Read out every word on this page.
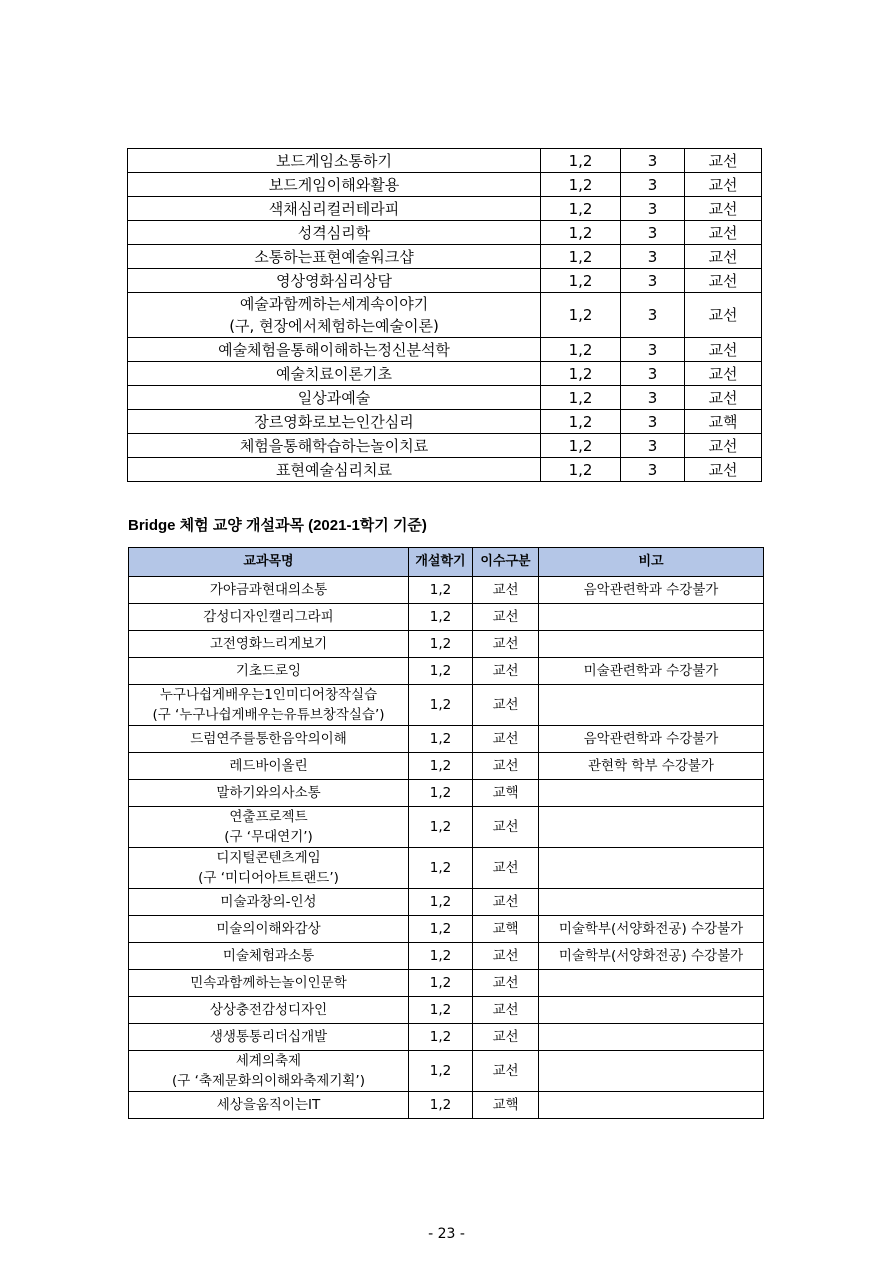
보드게임소통하기	1,2	3	교선

보드게임이해와활용	1,2	3	교선

색채심리컬러테라피	1,2	3	교선

성격심리학	1,2	3	교선

소통하는표현예술워크샵	1,2	3	교선

영상영화심리상담	1,2	3	교선

예술과함께하는세계속이야기
(구, 현장에서체험하는예술이론)	1,2	3	교선

예술체험을통해이해하는정신분석학	1,2	3	교선

예술치료이론기초	1,2	3	교선

일상과예술	1,2	3	교선

장르영화로보는인간심리	1,2	3	교핵

체험을통해학습하는놀이치료	1,2	3	교선

표현예술심리치료	1,2	3	교선
Bridge 체험 교양 개설과목 (2021-1학기 기준)
교과목명	개설학기	이수구분	비고

가야금과현대의소통	1,2	교선	음악관련학과 수강불가

감성디자인캘리그라피	1,2	교선	

고전영화느리게보기	1,2	교선	

기초드로잉	1,2	교선	미술관련학과 수강불가

누구나쉽게배우는1인미디어창작실습
(구 ‘누구나쉽게배우는유튜브창작실습’)	1,2	교선	

드럼연주를통한음악의이해	1,2	교선	음악관련학과 수강불가

레드바이올린	1,2	교선	관현학 학부 수강불가

말하기와의사소통	1,2	교핵	

연출프로젝트
(구 ‘무대연기’)	1,2	교선	

디지털콘텐츠게임
(구 ‘미디어아트트랜드’)	1,2	교선	

미술과창의-인성	1,2	교선	

미술의이해와감상	1,2	교핵	미술학부(서양화전공) 수강불가

미술체험과소통	1,2	교선	미술학부(서양화전공) 수강불가

민속과함께하는놀이인문학	1,2	교선	

상상충전감성디자인	1,2	교선	

생생통통리더십개발	1,2	교선	

세계의축제
(구 ‘축제문화의이해와축제기획’)	1,2	교선	

세상을움직이는IT	1,2	교핵	
- 23 -
